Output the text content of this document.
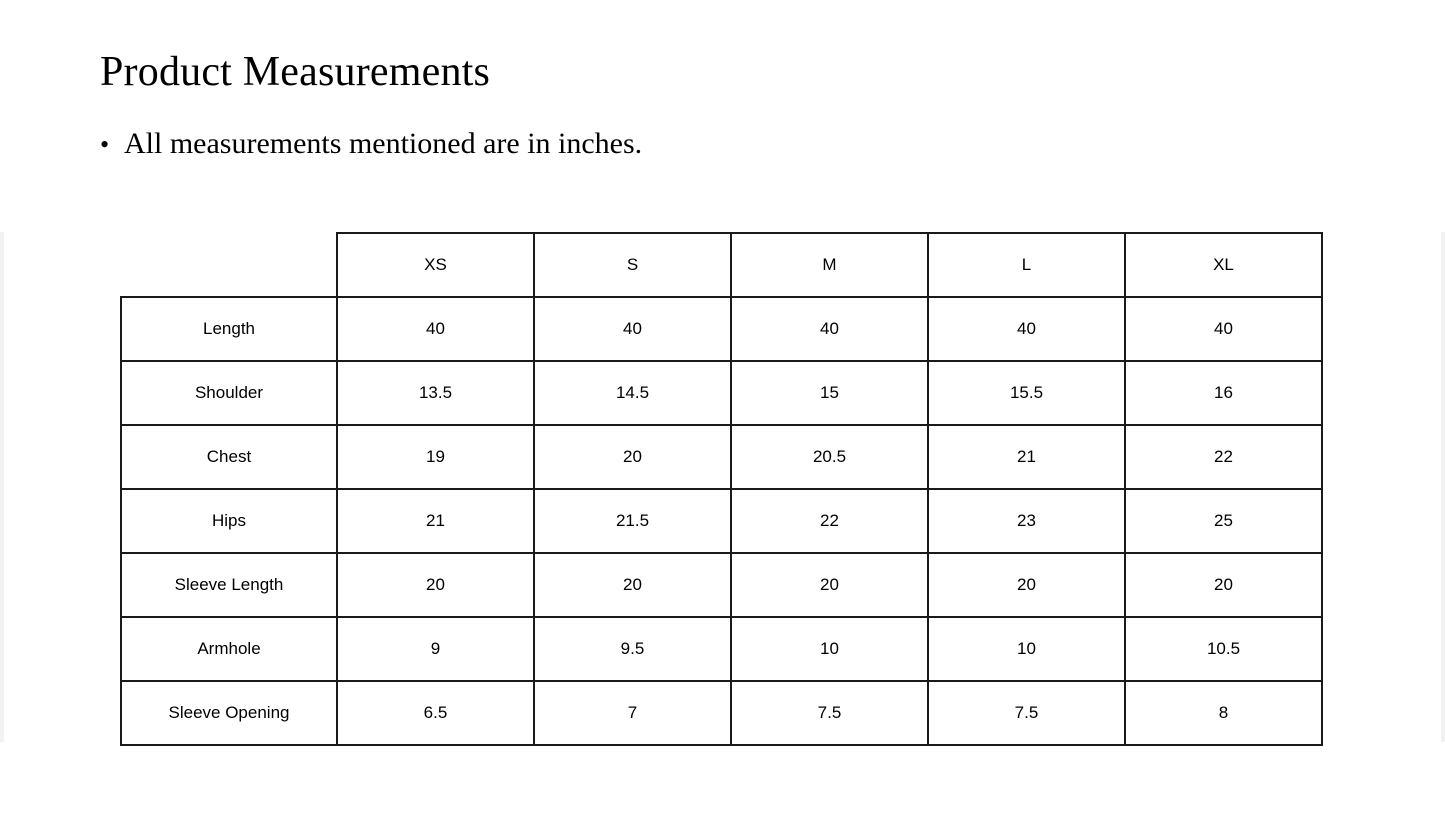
Product Measurements
• All measurements mentioned are in inches.
	XS	S	M	L	XL
Length	40	40	40	40	40
Shoulder	13.5	14.5	15	15.5	16
Chest	19	20	20.5	21	22
Hips	21	21.5	22	23	25
Sleeve Length	20	20	20	20	20
Armhole	9	9.5	10	10	10.5
Sleeve Opening	6.5	7	7.5	7.5	8
